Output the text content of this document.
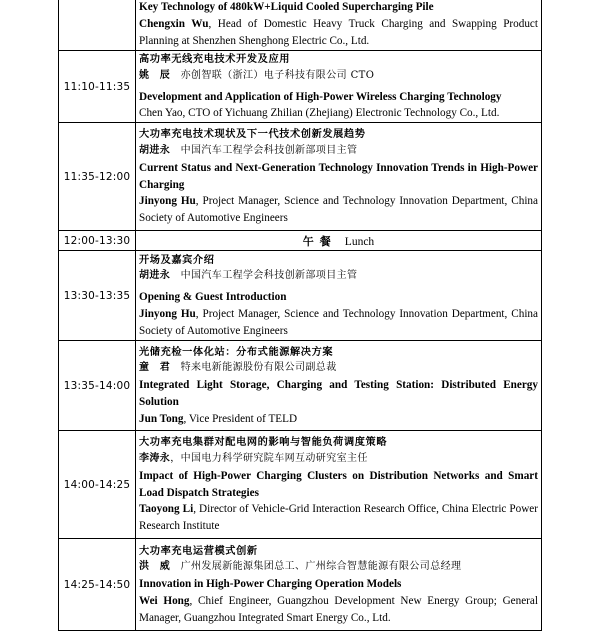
	Key Technology of 480kW+Liquid Cooled Supercharging Pile
Chengxin Wu, Head of Domestic Heavy Truck Charging and Swapping Product Planning at Shenzhen Shenghong Electric Co., Ltd.

11:10-11:35	高功率无线充电技术开发及应用
姚　辰　 亦创智联（浙江）电子科技有限公司 CTO
Development and Application of High-Power Wireless Charging Technology
Chen Yao, CTO of Yichuang Zhilian (Zhejiang) Electronic Technology Co., Ltd.

11:35-12:00	大功率充电技术现状及下一代技术创新发展趋势
胡进永　 中国汽车工程学会科技创新部项目主管
Current Status and Next-Generation Technology Innovation Trends in High-Power Charging
Jinyong Hu, Project Manager, Science and Technology Innovation Department, China Society of Automotive Engineers

12:00-13:30	午餐 Lunch
13:30-13:35	开场及嘉宾介绍
胡进永　 中国汽车工程学会科技创新部项目主管
Opening & Guest Introduction
Jinyong Hu, Project Manager, Science and Technology Innovation Department, China Society of Automotive Engineers

13:35-14:00	光储充检一体化站：分布式能源解决方案
童　君　 特来电新能源股份有限公司副总裁
Integrated Light Storage, Charging and Testing Station: Distributed Energy Solution
Jun Tong, Vice President of TELD

14:00-14:25	大功率充电集群对配电网的影响与智能负荷调度策略
李涛永，中国电力科学研究院车网互动研究室主任
Impact of High-Power Charging Clusters on Distribution Networks and Smart Load Dispatch Strategies
Taoyong Li, Director of Vehicle-Grid Interaction Research Office, China Electric Power Research Institute

14:25-14:50	大功率充电运营模式创新
洪　威　 广州发展新能源集团总工、广州综合智慧能源有限公司总经理
Innovation in High-Power Charging Operation Models
Wei Hong, Chief Engineer, Guangzhou Development New Energy Group; General Manager, Guangzhou Integrated Smart Energy Co., Ltd.
